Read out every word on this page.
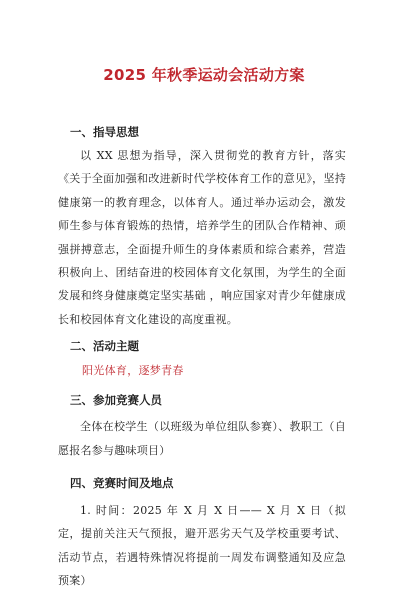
2025 年秋季运动会活动方案
一、指导思想
以 XX 思想为指导，深入贯彻党的教育方针，落实《关于全面加强和改进新时代学校体育工作的意见》，坚持健康第一的教育理念，以体育人。通过举办运动会，激发师生参与体育锻炼的热情，培养学生的团队合作精神、顽强拼搏意志，全面提升师生的身体素质和综合素养，营造积极向上、团结奋进的校园体育文化氛围，为学生的全面发展和终身健康奠定坚实基础 ，响应国家对青少年健康成长和校园体育文化建设的高度重视。
二、活动主题
阳光体育，逐梦青春
三、参加竞赛人员
全体在校学生（以班级为单位组队参赛）、教职工（自愿报名参与趣味项目）
四、竞赛时间及地点
1. 时间：2025 年 X 月 X 日—— X 月 X 日（拟定，提前关注天气预报，避开恶劣天气及学校重要考试、活动节点，若遇特殊情况将提前一周发布调整通知及应急预案）
